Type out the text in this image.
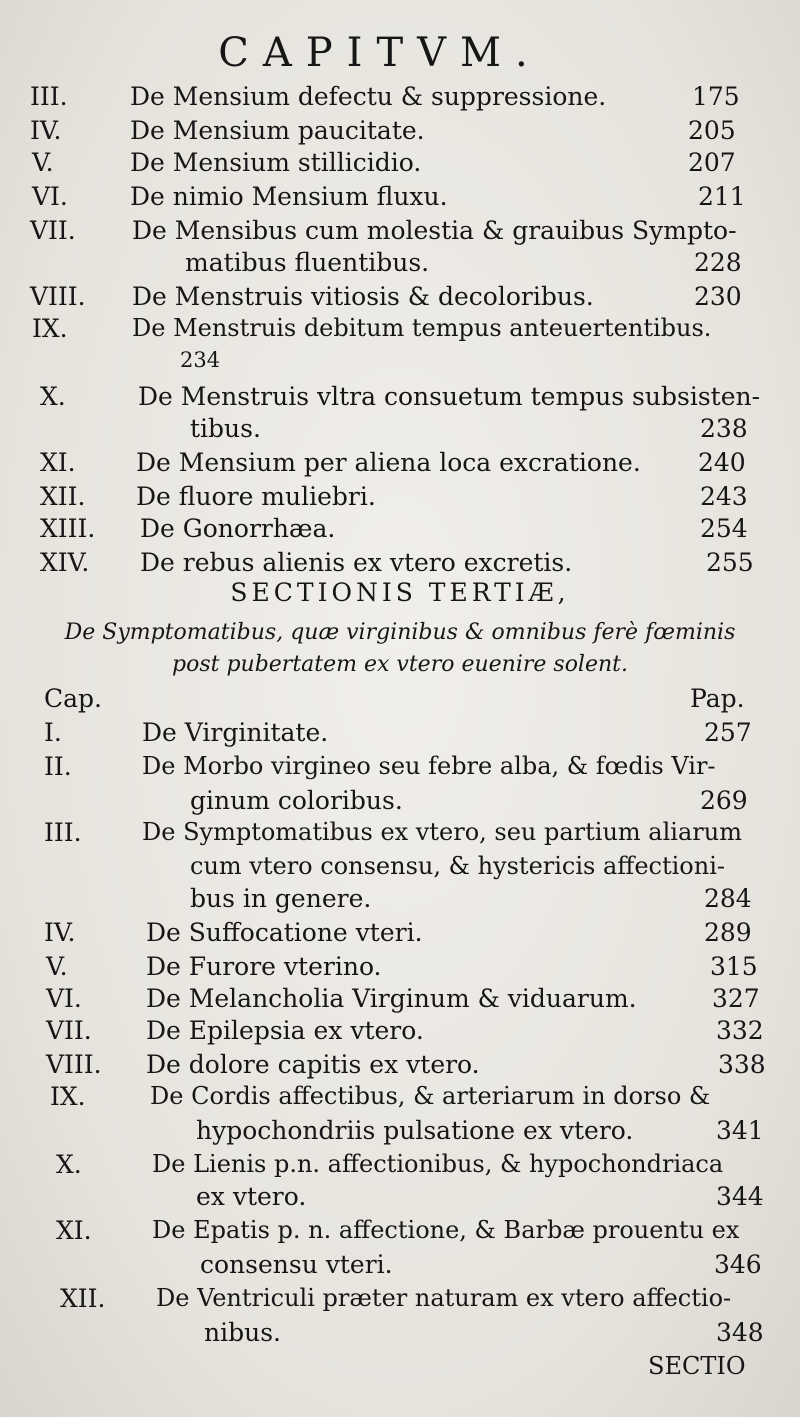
CAPITVM.
III. De Mensium defectu & suppressione.	175
IV.	De Mensium paucitate.	205
V.	De Mensium stillicidio.	207
VI. De nimio Mensium fluxu.	211
VII. De Mensibus cum molestia & grauibus Sympto-
matibus fluentibus.	228
VIII. De Menstruis vitiosis & decoloribus.	230
IX.	De Menstruis debitum tempus anteuertentibus.
234
X.	De Menstruis vltra consuetum tempus subsisten-
tibus.	238
XI. De Mensium per aliena loca excratione. 240
XII. De fluore muliebri.	243
XIII. De Gonorrhæa.	254
XIV. De rebus alienis ex vtero excretis.	255
SECTIONIS TERTIÆ,
De Symptomatibus, quæ virginibus & omnibus ferè fœminis
post pubertatem ex vtero euenire solent.
Cap.	Pap.
I.	De Virginitate.	257
II.	De Morbo virgineo seu febre alba, & fœdis Vir-
ginum coloribus.	269
III.	De Symptomatibus ex vtero, seu partium aliarum
cum vtero consensu, & hystericis affectioni-
bus in genere.	284
IV.	De Suffocatione vteri.	289
V.	De Furore vterino.	315
VI.	De Melancholia Virginum & viduarum.	327
VII. De Epilepsia ex vtero.	332
VIII. De dolore capitis ex vtero.	338
IX.	De Cordis affectibus, & arteriarum in dorso &
hypochondriis pulsatione ex vtero.	341
X.	De Lienis p.n. affectionibus, & hypochondriaca
ex vtero.	344
XI.	De Epatis p. n. affectione, & Barbæ prouentu ex
consensu vteri.	346
XII. De Ventriculi præter naturam ex vtero affectio-
nibus.	348
SECTIO
